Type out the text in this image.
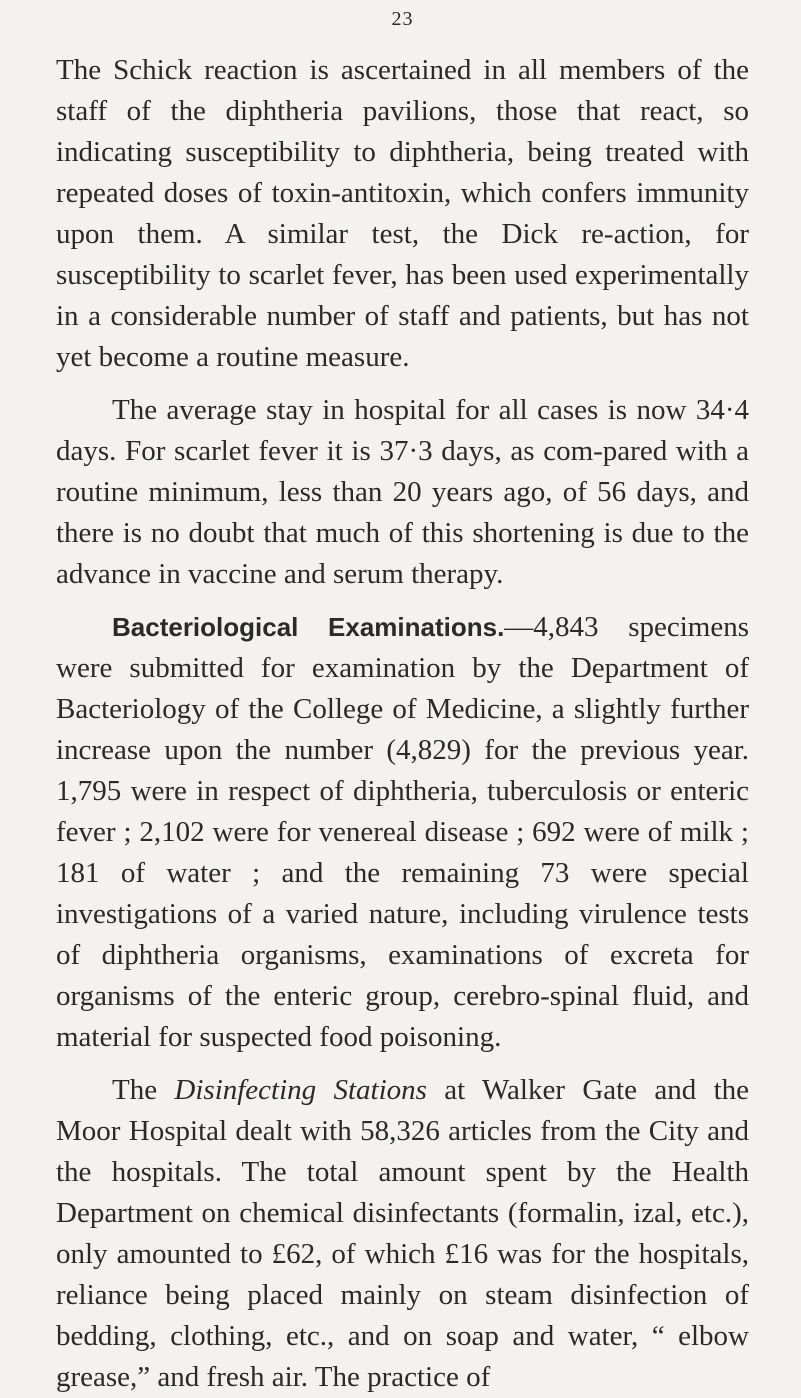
23

The Schick reaction is ascertained in all members of the staff of the diphtheria pavilions, those that react, so indicating susceptibility to diphtheria, being treated with repeated doses of toxin-antitoxin, which confers immunity upon them. A similar test, the Dick re-action, for susceptibility to scarlet fever, has been used experimentally in a considerable number of staff and patients, but has not yet become a routine measure.

The average stay in hospital for all cases is now 34·4 days. For scarlet fever it is 37·3 days, as com-pared with a routine minimum, less than 20 years ago, of 56 days, and there is no doubt that much of this shortening is due to the advance in vaccine and serum therapy.

Bacteriological Examinations.—4,843 specimens were submitted for examination by the Department of Bacteriology of the College of Medicine, a slightly further increase upon the number (4,829) for the previous year. 1,795 were in respect of diphtheria, tuberculosis or enteric fever ; 2,102 were for venereal disease ; 692 were of milk ; 181 of water ; and the remaining 73 were special investigations of a varied nature, including virulence tests of diphtheria organisms, examinations of excreta for organisms of the enteric group, cerebro-spinal fluid, and material for suspected food poisoning.

The Disinfecting Stations at Walker Gate and the Moor Hospital dealt with 58,326 articles from the City and the hospitals. The total amount spent by the Health Department on chemical disinfectants (formalin, izal, etc.), only amounted to £62, of which £16 was for the hospitals, reliance being placed mainly on steam disinfection of bedding, clothing, etc., and on soap and water, “ elbow grease,” and fresh air. The practice of
